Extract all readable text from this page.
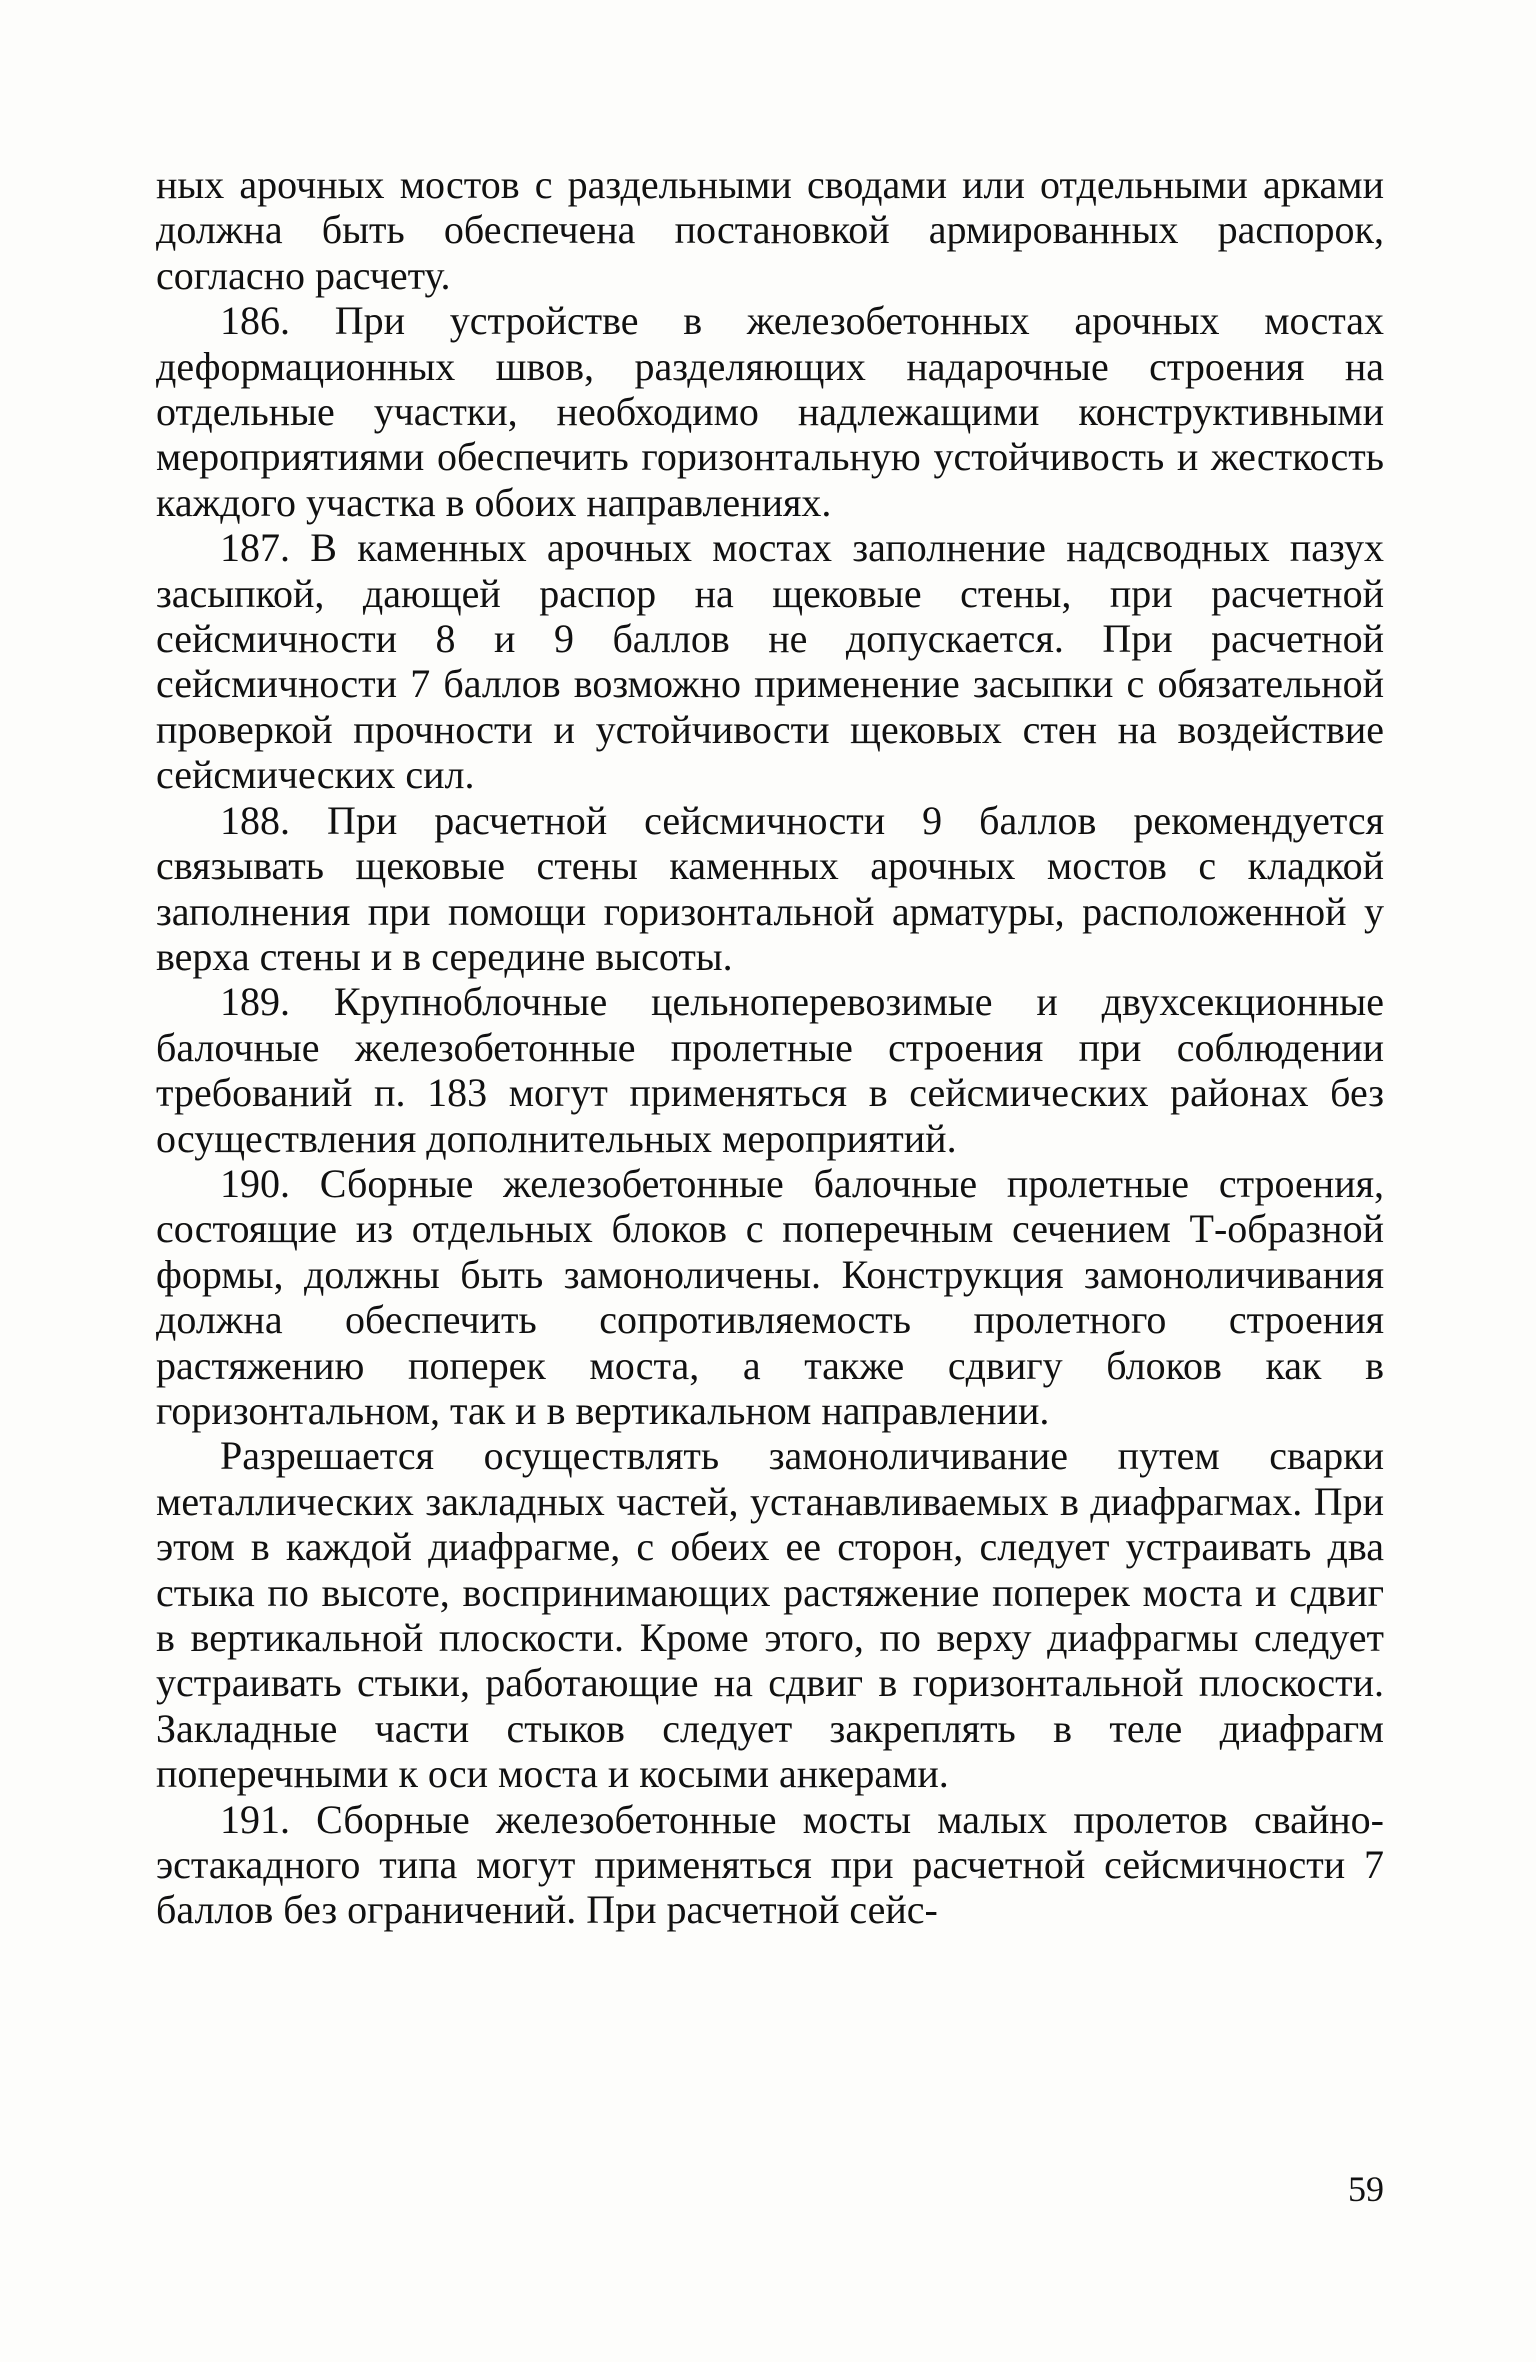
ных арочных мостов с раздельными сводами или отдельными арками должна быть обеспечена постановкой армированных распорок, согласно расчету.

186. При устройстве в железобетонных арочных мостах деформационных швов, разделяющих надарочные строения на отдельные участки, необходимо надлежащими конструктивными мероприятиями обеспечить горизонтальную устойчивость и жесткость каждого участка в обоих направлениях.

187. В каменных арочных мостах заполнение надсводных пазух засыпкой, дающей распор на щековые стены, при расчетной сейсмичности 8 и 9 баллов не допускается. При расчетной сейсмичности 7 баллов возможно применение засыпки с обязательной проверкой прочности и устойчивости щековых стен на воздействие сейсмических сил.

188. При расчетной сейсмичности 9 баллов рекомендуется связывать щековые стены каменных арочных мостов с кладкой заполнения при помощи горизонтальной арматуры, расположенной у верха стены и в середине высоты.

189. Крупноблочные цельноперевозимые и двухсекционные балочные железобетонные пролетные строения при соблюдении требований п. 183 могут применяться в сейсмических районах без осуществления дополнительных мероприятий.

190. Сборные железобетонные балочные пролетные строения, состоящие из отдельных блоков с поперечным сечением Т-образной формы, должны быть замоноличены. Конструкция замоноличивания должна обеспечить сопротивляемость пролетного строения растяжению поперек моста, а также сдвигу блоков как в горизонтальном, так и в вертикальном направлении.

Разрешается осуществлять замоноличивание путем сварки металлических закладных частей, устанавливаемых в диафрагмах. При этом в каждой диафрагме, с обеих ее сторон, следует устраивать два стыка по высоте, воспринимающих растяжение поперек моста и сдвиг в вертикальной плоскости. Кроме этого, по верху диафрагмы следует устраивать стыки, работающие на сдвиг в горизонтальной плоскости. Закладные части стыков следует закреплять в теле диафрагм поперечными к оси моста и косыми анкерами.

191. Сборные железобетонные мосты малых пролетов свайно-эстакадного типа могут применяться при расчетной сейсмичности 7 баллов без ограничений. При расчетной сейс-

59
